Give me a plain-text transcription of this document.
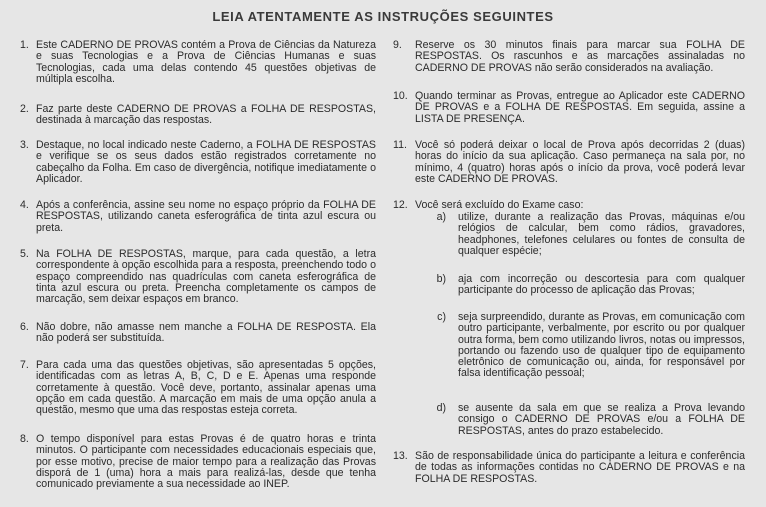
LEIA ATENTAMENTE AS INSTRUÇÕES SEGUINTES
1. Este CADERNO DE PROVAS contém a Prova de Ciências da Natureza e suas Tecnologias e a Prova de Ciências Humanas e suas Tecnologias, cada uma delas contendo 45 questões objetivas de múltipla escolha.
2. Faz parte deste CADERNO DE PROVAS a FOLHA DE RESPOSTAS, destinada à marcação das respostas.
3. Destaque, no local indicado neste Caderno, a FOLHA DE RESPOSTAS e verifique se os seus dados estão registrados corretamente no cabeçalho da Folha. Em caso de divergência, notifique imediatamente o Aplicador.
4. Após a conferência, assine seu nome no espaço próprio da FOLHA DE RESPOSTAS, utilizando caneta esferográfica de tinta azul escura ou preta.
5. Na FOLHA DE RESPOSTAS, marque, para cada questão, a letra correspondente à opção escolhida para a resposta, preenchendo todo o espaço compreendido nas quadrículas com caneta esferográfica de tinta azul escura ou preta. Preencha completamente os campos de marcação, sem deixar espaços em branco.
6. Não dobre, não amasse nem manche a FOLHA DE RESPOSTA. Ela não poderá ser substituída.
7. Para cada uma das questões objetivas, são apresentadas 5 opções, identificadas com as letras A, B, C, D e E. Apenas uma responde corretamente à questão. Você deve, portanto, assinalar apenas uma opção em cada questão. A marcação em mais de uma opção anula a questão, mesmo que uma das respostas esteja correta.
8. O tempo disponível para estas Provas é de quatro horas e trinta minutos. O participante com necessidades educacionais especiais que, por esse motivo, precise de maior tempo para a realização das Provas disporá de 1 (uma) hora a mais para realizá-las, desde que tenha comunicado previamente a sua necessidade ao INEP.
9.	Reserve os 30 minutos finais para marcar sua FOLHA DE RESPOSTAS. Os rascunhos e as marcações assinaladas no CADERNO DE PROVAS não serão considerados na avaliação.
10. Quando terminar as Provas, entregue ao Aplicador este CADERNO DE PROVAS e a FOLHA DE RESPOSTAS. Em seguida, assine a LISTA DE PRESENÇA.
11. Você só poderá deixar o local de Prova após decorridas 2 (duas) horas do início da sua aplicação. Caso permaneça na sala por, no mínimo, 4 (quatro) horas após o início da prova, você poderá levar este CADERNO DE PROVAS.
12. Você será excluído do Exame caso:
a)	utilize, durante a realização das Provas, máquinas e/ou relógios de calcular, bem como rádios, gravadores, headphones, telefones celulares ou fontes de consulta de qualquer espécie;
b)	aja com incorreção ou descortesia para com qualquer participante do processo de aplicação das Provas;
c)	seja surpreendido, durante as Provas, em comunicação com outro participante, verbalmente, por escrito ou por qualquer outra forma, bem como utilizando livros, notas ou impressos, portando ou fazendo uso de qualquer tipo de equipamento eletrônico de comunicação ou, ainda, for responsável por falsa identificação pessoal;
d)	se ausente da sala em que se realiza a Prova levando consigo o CADERNO DE PROVAS e/ou a FOLHA DE RESPOSTAS, antes do prazo estabelecido.
13. São de responsabilidade única do participante a leitura e conferência de todas as informações contidas no CADERNO DE PROVAS e na FOLHA DE RESPOSTAS.
